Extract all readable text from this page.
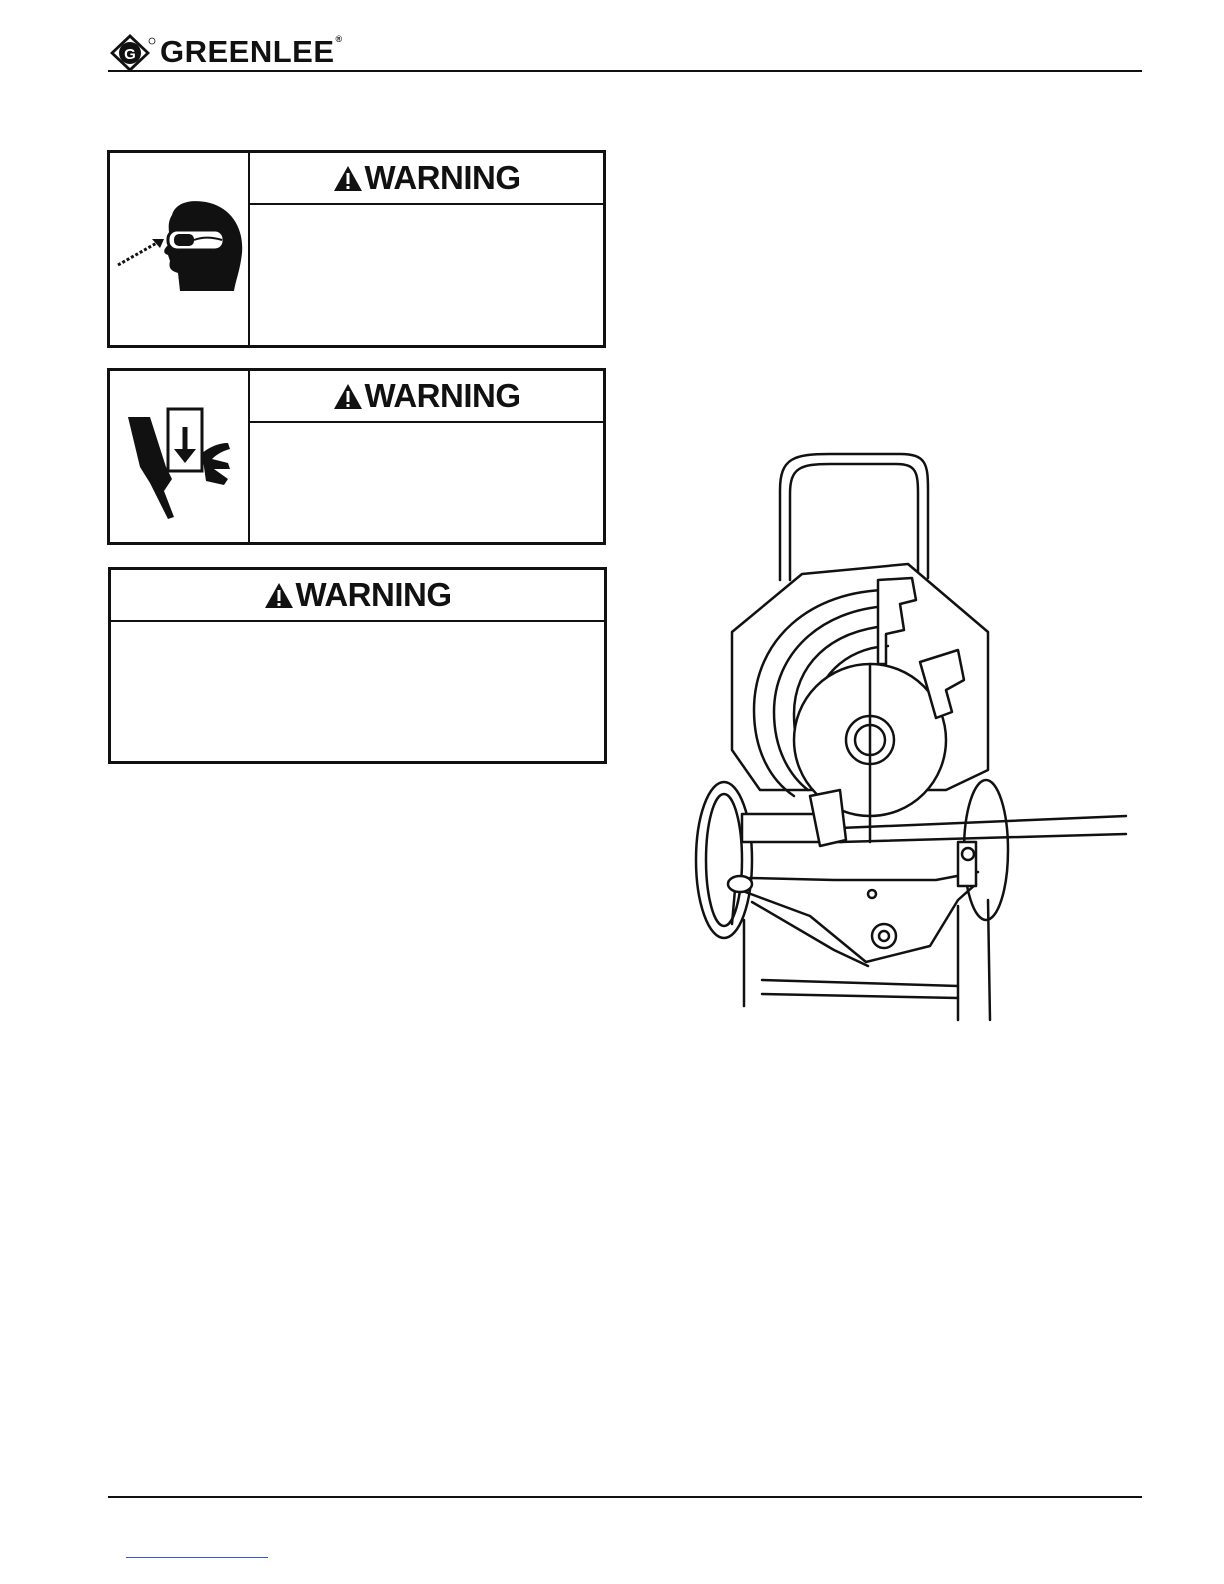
G GREENLEE®
WARNING
WARNING
WARNING
